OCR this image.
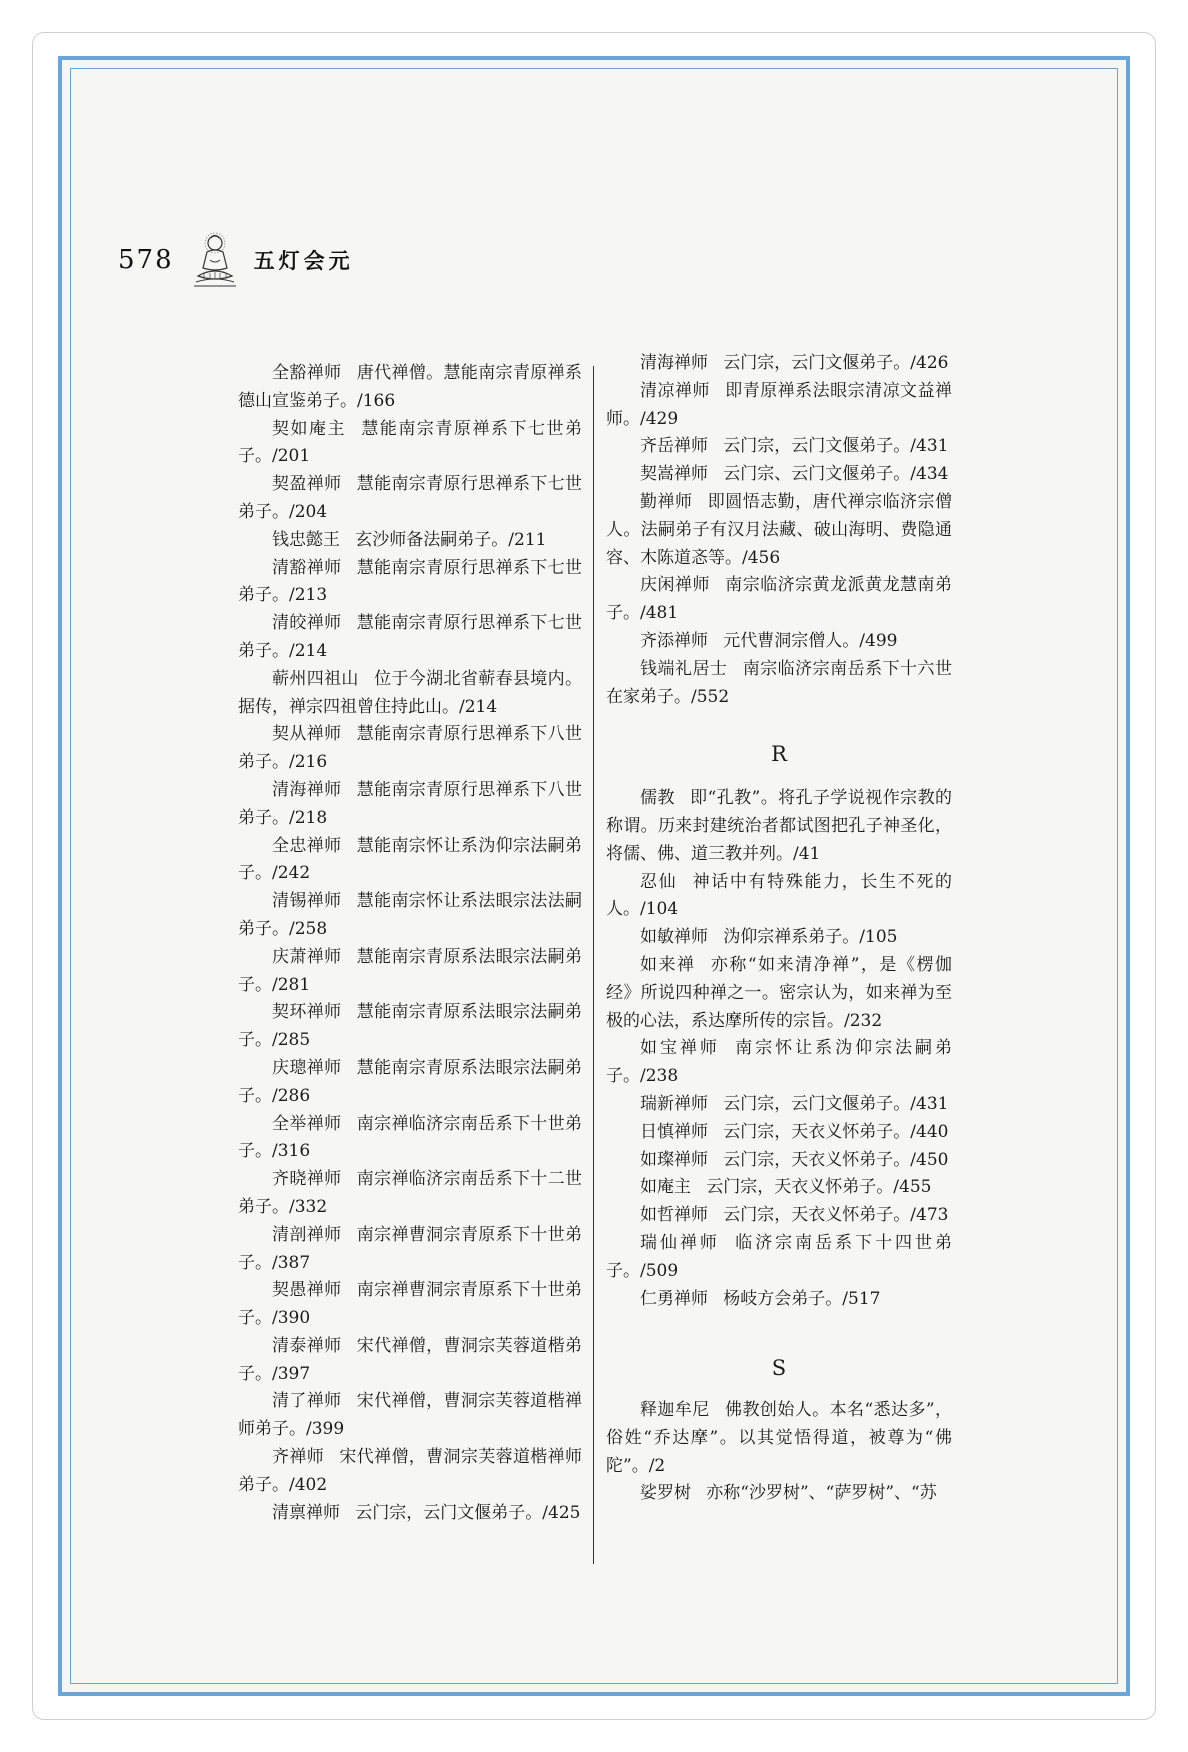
578	五灯会元

全豁禅师 唐代禅僧。慧能南宗青原禅系德山宣鉴弟子。/166

契如庵主 慧能南宗青原禅系下七世弟子。/201

契盈禅师 慧能南宗青原行思禅系下七世弟子。/204

钱忠懿王 玄沙师备法嗣弟子。/211

清豁禅师 慧能南宗青原行思禅系下七世弟子。/213

清皎禅师 慧能南宗青原行思禅系下七世弟子。/214

蕲州四祖山 位于今湖北省蕲春县境内。据传，禅宗四祖曾住持此山。/214

契从禅师 慧能南宗青原行思禅系下八世弟子。/216

清海禅师 慧能南宗青原行思禅系下八世弟子。/218

全忠禅师 慧能南宗怀让系沩仰宗法嗣弟子。/242

清锡禅师 慧能南宗怀让系法眼宗法法嗣弟子。/258

庆萧禅师 慧能南宗青原系法眼宗法嗣弟子。/281

契环禅师 慧能南宗青原系法眼宗法嗣弟子。/285

庆璁禅师 慧能南宗青原系法眼宗法嗣弟子。/286

全举禅师 南宗禅临济宗南岳系下十世弟子。/316

齐晓禅师 南宗禅临济宗南岳系下十二世弟子。/332

清剖禅师 南宗禅曹洞宗青原系下十世弟子。/387

契愚禅师 南宗禅曹洞宗青原系下十世弟子。/390

清泰禅师 宋代禅僧，曹洞宗芙蓉道楷弟子。/397

清了禅师 宋代禅僧，曹洞宗芙蓉道楷禅师弟子。/399

齐禅师 宋代禅僧，曹洞宗芙蓉道楷禅师弟子。/402

清禀禅师 云门宗，云门文偃弟子。/425

清海禅师 云门宗，云门文偃弟子。/426

清凉禅师 即青原禅系法眼宗清凉文益禅师。/429

齐岳禅师 云门宗，云门文偃弟子。/431

契嵩禅师 云门宗、云门文偃弟子。/434

勤禅师 即圆悟志勤，唐代禅宗临济宗僧人。法嗣弟子有汉月法藏、破山海明、费隐通容、木陈道忞等。/456

庆闲禅师 南宗临济宗黄龙派黄龙慧南弟子。/481

齐添禅师 元代曹洞宗僧人。/499

钱端礼居士 南宗临济宗南岳系下十六世在家弟子。/552

R

儒教 即“孔教”。将孔子学说视作宗教的称谓。历来封建统治者都试图把孔子神圣化，将儒、佛、道三教并列。/41

忍仙 神话中有特殊能力，长生不死的人。/104

如敏禅师 沩仰宗禅系弟子。/105

如来禅 亦称“如来清净禅”，是《楞伽经》所说四种禅之一。密宗认为，如来禅为至极的心法，系达摩所传的宗旨。/232

如宝禅师 南宗怀让系沩仰宗法嗣弟子。/238

瑞新禅师 云门宗，云门文偃弟子。/431

日慎禅师 云门宗，天衣义怀弟子。/440

如璨禅师 云门宗，天衣义怀弟子。/450

如庵主 云门宗，天衣义怀弟子。/455

如哲禅师 云门宗，天衣义怀弟子。/473

瑞仙禅师 临济宗南岳系下十四世弟子。/509

仁勇禅师 杨岐方会弟子。/517

S

释迦牟尼 佛教创始人。本名“悉达多”，俗姓“乔达摩”。以其觉悟得道，被尊为“佛陀”。/2

娑罗树 亦称“沙罗树”、“萨罗树”、“苏
